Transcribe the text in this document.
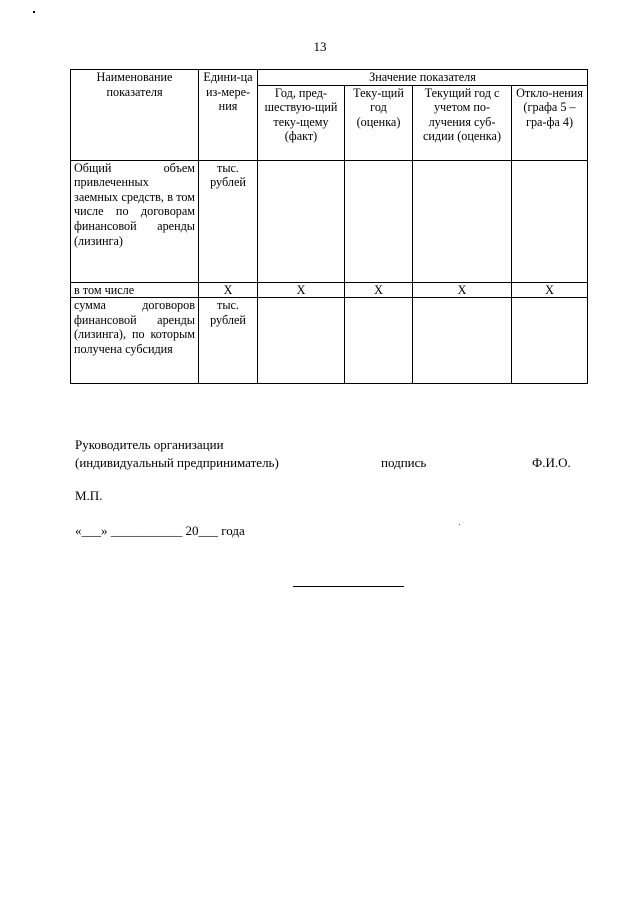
13
Наименование показателя	Едини-ца из-мере-ния	Значение показателя			
		Год, пред-шествую-щий теку-щему (факт)	Теку-щий год (оценка)	Текущий год с учетом по-лучения суб-сидии (оценка)	Откло-нения (графа 5 – гра-фа 4)
Общий объем привлеченных заемных средств, в том числе по договорам финансовой аренды (лизинга)	тыс. рублей				
в том числе	Х	Х	Х	Х	Х
сумма договоров финансовой аренды (лизинга), по которым получена субсидия	тыс. рублей				
Руководитель организации
(индивидуальный предприниматель)	подпись	Ф.И.О.
М.П.
«___» ___________ 20___ года
